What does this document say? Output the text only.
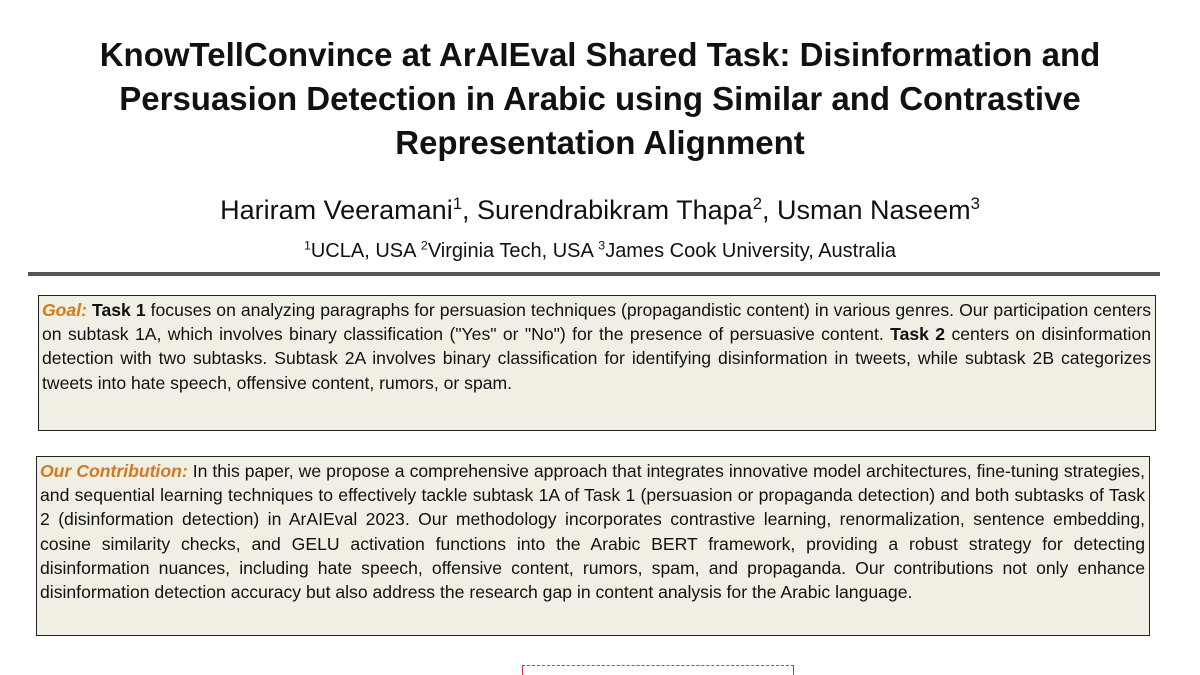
KnowTellConvince at ArAIEval Shared Task: Disinformation and
Persuasion Detection in Arabic using Similar and Contrastive
Representation Alignment
Hariram Veeramani$^1$, Surendrabikram Thapa$^2$, Usman Naseem$^3$
$^1$UCLA, USA $^2$Virginia Tech, USA $^3$James Cook University, Australia
Goal: Task 1 focuses on analyzing paragraphs for persuasion techniques (propagandistic content) in various genres. Our participation centers on subtask 1A, which involves binary classification ("Yes" or "No") for the presence of persuasive content. Task 2 centers on disinformation detection with two subtasks. Subtask 2A involves binary classification for identifying disinformation in tweets, while subtask 2B categorizes tweets into hate speech, offensive content, rumors, or spam.
Our Contribution: In this paper, we propose a comprehensive approach that integrates innovative model architectures, fine-tuning strategies, and sequential learning techniques to effectively tackle subtask 1A of Task 1 (persuasion or propaganda detection) and both subtasks of Task 2 (disinformation detection) in ArAIEval 2023. Our methodology incorporates contrastive learning, renormalization, sentence embedding, cosine similarity checks, and GELU activation functions into the Arabic BERT framework, providing a robust strategy for detecting disinformation nuances, including hate speech, offensive content, rumors, spam, and propaganda. Our contributions not only enhance disinformation detection accuracy but also address the research gap in content analysis for the Arabic language.
